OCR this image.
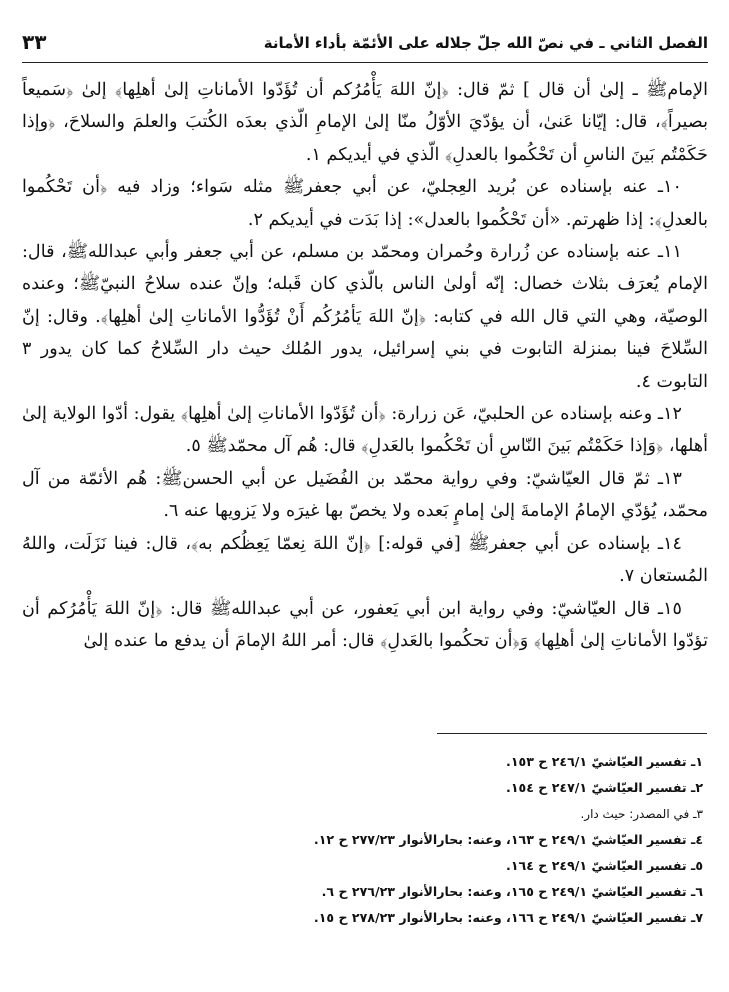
الفصل الثاني ـ في نصّ الله جلّ جلاله على الأئمّة بأداء الأمانة
٣٣

الإمامﷺ ـ إلىٰ أن قال ] ثمّ قال: ﴿إنّ اللهَ يَأْمُرُكم أن تُؤَدّوا الأماناتِ إلىٰ أهلِها﴾ إلىٰ ﴿سَميعاً بصيراً﴾، قال: إيّانا عَنىٰ، أن يؤدّيَ الأوّلُ منّا إلىٰ الإمامِ الّذي بعدَه الكُتبَ والعلمَ والسلاحَ، ﴿وإذا حَكَمْتُم بَينَ الناسِ أن تَحْكُموا بالعدلِ﴾ الّذي في أيديكم ١.

١٠ـ عنه بإسناده عن بُريد العِجليّ، عن أبي جعفرﷺ مثله سَواء؛ وزاد فيه ﴿أن تَحْكُموا بالعدلِ﴾: إذا ظهرتم. «أن تَحْكُموا بالعدل»: إذا بَدَت في أيديكم ٢.

١١ـ عنه بإسناده عن زُرارة وحُمران ومحمّد بن مسلم، عن أبي جعفر وأبي عبداللهﷺ، قال: الإمام يُعرَف بثلاث خصال: إنّه أولىٰ الناس بالّذي كان قَبله؛ وإنّ عنده سلاحُ النبيّﷺ؛ وعنده الوصيّة، وهي التي قال الله في كتابه: ﴿إنّ اللهَ يَأمُرُكُم أَنْ تُؤَدُّوا الأماناتِ إلىٰ أهلِها﴾. وقال: إنّ السِّلاحَ فينا بمنزلة التابوت في بني إسرائيل، يدور المُلك حيث دار السِّلاحُ كما كان يدور ٣ التابوت ٤.

١٢ـ وعنه بإسناده عن الحلبيّ، عَن زرارة: ﴿أن تُؤَدّوا الأماناتِ إلىٰ أهلِها﴾ يقول: أدّوا الولاية إلىٰ أهلها، ﴿وَإذا حَكَمْتُم بَينَ النّاسِ أن تَحْكُموا بالعَدلِ﴾ قال: هُم آل محمّدﷺ ٥.

١٣ـ ثمّ قال العيّاشيّ: وفي رواية محمّد بن الفُضَيل عن أبي الحسنﷺ: هُم الأئمّة من آل محمّد، يُؤدّي الإمامُ الإمامةَ إلىٰ إمامٍ بَعده ولا يخصّ بها غيرَه ولا يَزويها عنه ٦.

١٤ـ بإسناده عن أبي جعفرﷺ [في قوله:] ﴿إنّ اللهَ نِعمّا يَعِظُكم به﴾، قال: فينا نَزَلَت، واللهُ المُستعان ٧.

١٥ـ قال العيّاشيّ: وفي رواية ابن أبي يَعفور، عن أبي عبداللهﷺ قال: ﴿إنّ اللهَ يَأْمُرُكم أن تؤدّوا الأماناتِ إلىٰ أهلِها﴾ وَ﴿أن تحكُموا بالعَدلِ﴾ قال: أمر اللهُ الإمامَ أن يدفع ما عنده إلىٰ

١ـ تفسير العيّاشيّ ٢٤٦/١ ح ١٥٣.

٢ـ تفسير العيّاشيّ ٢٤٧/١ ح ١٥٤.

٣ـ في المصدر: حيث دار.

٤ـ تفسير العيّاشيّ ٢٤٩/١ ح ١٦٣، وعنه: بحارالأنوار ٢٧٧/٢٣ ح ١٢.

٥ـ تفسير العيّاشيّ ٢٤٩/١ ح ١٦٤.

٦ـ تفسير العيّاشيّ ٢٤٩/١ ح ١٦٥، وعنه: بحارالأنوار ٢٧٦/٢٣ ح ٦.

٧ـ تفسير العيّاشيّ ٢٤٩/١ ح ١٦٦، وعنه: بحارالأنوار ٢٧٨/٢٣ ح ١٥.
